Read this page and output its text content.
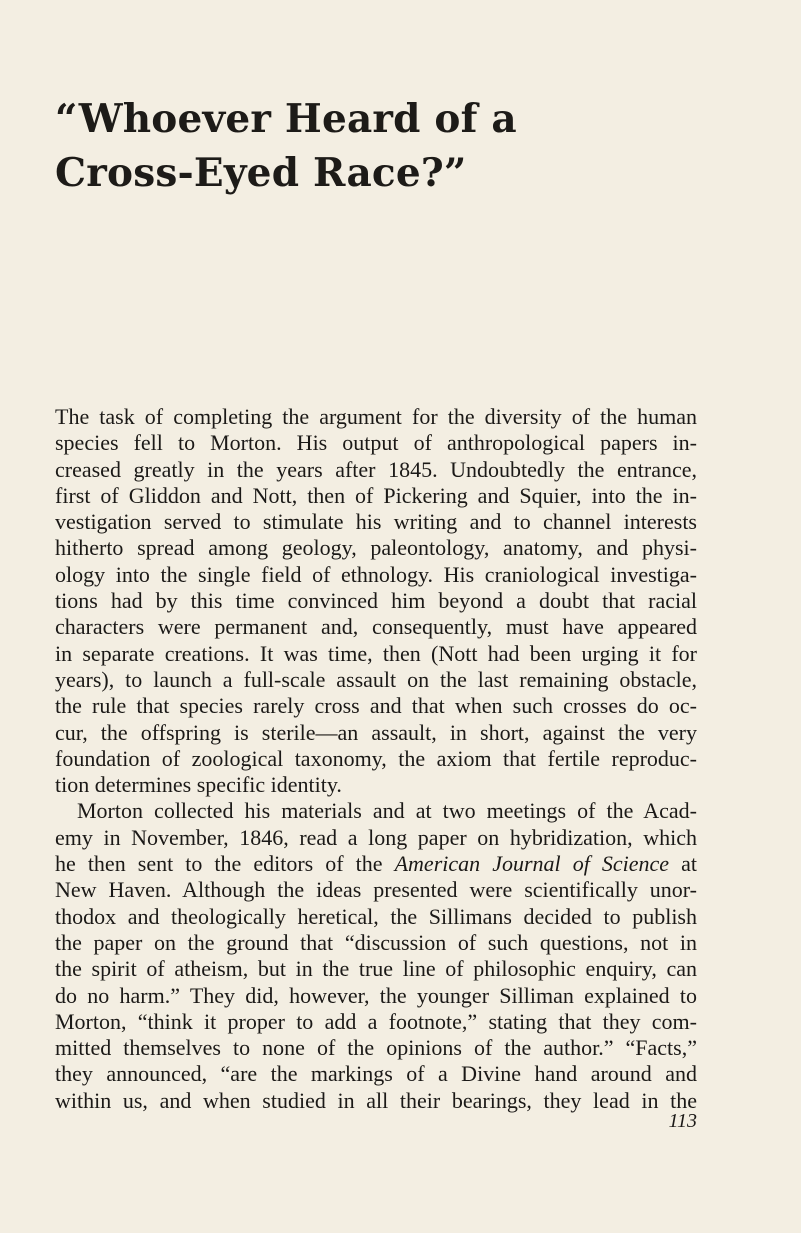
“Whoever Heard of a
Cross-Eyed Race?”
The task of completing the argument for the diversity of the human
species fell to Morton. His output of anthropological papers in-
creased greatly in the years after 1845. Undoubtedly the entrance,
first of Gliddon and Nott, then of Pickering and Squier, into the in-
vestigation served to stimulate his writing and to channel interests
hitherto spread among geology, paleontology, anatomy, and physi-
ology into the single field of ethnology. His craniological investiga-
tions had by this time convinced him beyond a doubt that racial
characters were permanent and, consequently, must have appeared
in separate creations. It was time, then (Nott had been urging it for
years), to launch a full-scale assault on the last remaining obstacle,
the rule that species rarely cross and that when such crosses do oc-
cur, the offspring is sterile—an assault, in short, against the very
foundation of zoological taxonomy, the axiom that fertile reproduc-
tion determines specific identity.
Morton collected his materials and at two meetings of the Acad-
emy in November, 1846, read a long paper on hybridization, which
he then sent to the editors of the American Journal of Science at
New Haven. Although the ideas presented were scientifically unor-
thodox and theologically heretical, the Sillimans decided to publish
the paper on the ground that “discussion of such questions, not in
the spirit of atheism, but in the true line of philosophic enquiry, can
do no harm.” They did, however, the younger Silliman explained to
Morton, “think it proper to add a footnote,” stating that they com-
mitted themselves to none of the opinions of the author.” “Facts,”
they announced, “are the markings of a Divine hand around and
within us, and when studied in all their bearings, they lead in the
113
